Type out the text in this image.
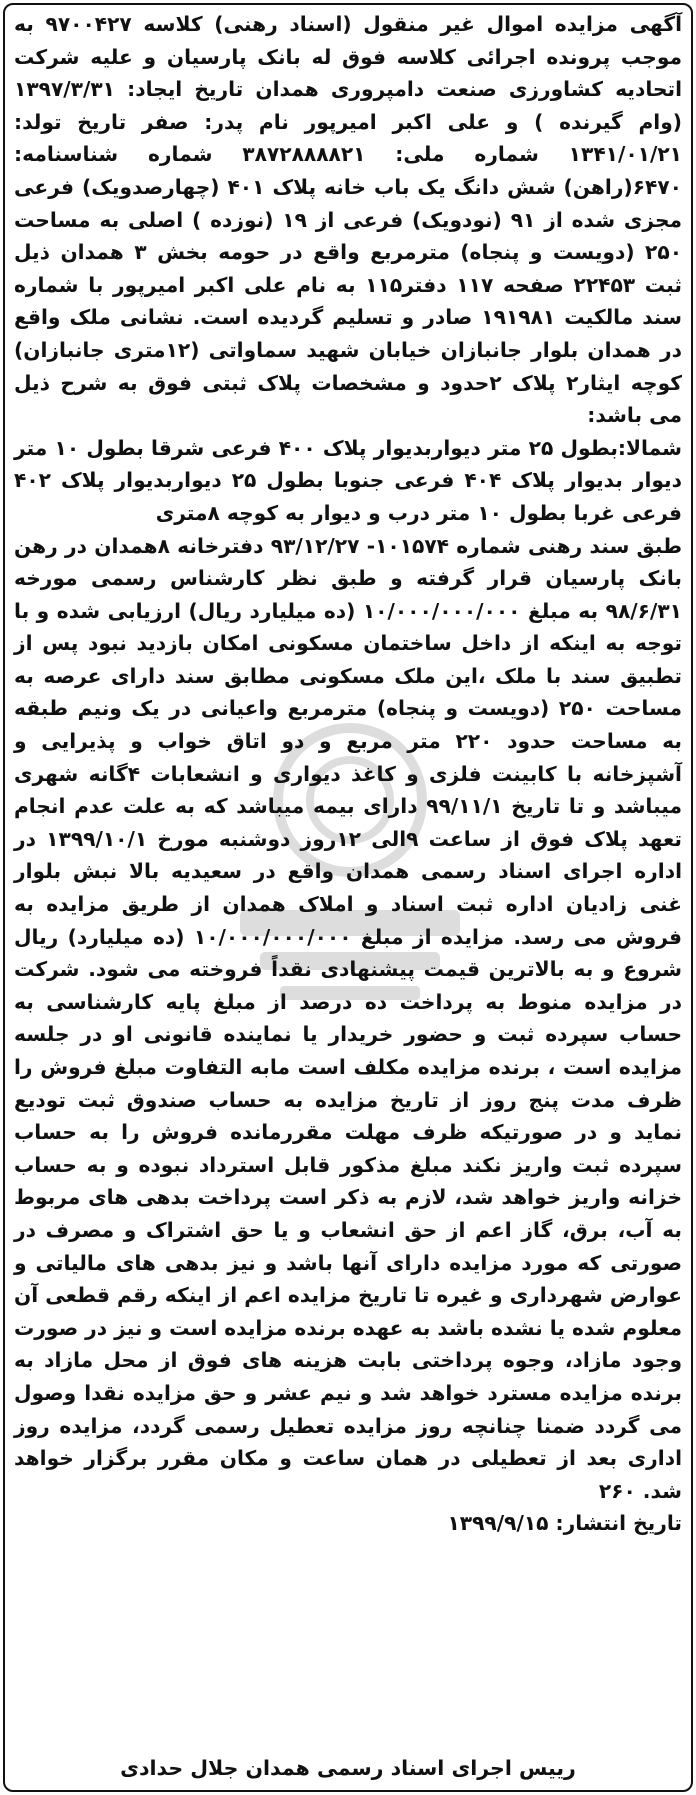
آگهی مزایده اموال غیر منقول (اسناد رهنی) کلاسه ۹۷۰۰۴۲۷ به موجب پرونده اجرائی کلاسه فوق له بانک پارسیان و علیه شرکت اتحادیه کشاورزی صنعت دامپروری همدان تاریخ ایجاد: ۱۳۹۷/۳/۳۱ (وام گیرنده ) و علی اکبر امیرپور نام پدر: صفر تاریخ تولد: ۱۳۴۱/۰۱/۲۱ شماره ملی: ۳۸۷۲۸۸۸۸۲۱ شماره شناسنامه: ۶۴۷۰(راهن) شش دانگ یک باب خانه پلاک ۴۰۱ (چهارصدویک) فرعی مجزی شده از ۹۱ (نودویک) فرعی از ۱۹ (نوزده ) اصلی به مساحت ۲۵۰ (دویست و پنجاه) مترمربع واقع در حومه بخش ۳ همدان ذیل ثبت ۲۲۴۵۳ صفحه ۱۱۷ دفتر۱۱۵ به نام علی اکبر امیرپور با شماره سند مالکیت ۱۹۱۹۸۱ صادر و تسلیم گردیده است. نشانی ملک واقع در همدان بلوار جانبازان خیابان شهید سماواتی (۱۲متری جانبازان) کوچه ایثار۲ پلاک ۲حدود و مشخصات پلاک ثبتی فوق به شرح ذیل می باشد:

شمالا:بطول ۲۵ متر دیواربدیوار پلاک ۴۰۰ فرعی شرقا بطول ۱۰ متر دیوار بدیوار پلاک ۴۰۴ فرعی جنوبا بطول ۲۵ دیواربدیوار پلاک ۴۰۲ فرعی غربا بطول ۱۰ متر درب و دیوار به کوچه ۸متری

طبق سند رهنی شماره ۱۰۱۵۷۴- ۹۳/۱۲/۲۷ دفترخانه ۸همدان در رهن بانک پارسیان قرار گرفته و طبق نظر کارشناس رسمی مورخه ۹۸/۶/۳۱ به مبلغ ۱۰/۰۰۰/۰۰۰/۰۰۰ (ده میلیارد ریال) ارزیابی شده و با توجه به اینکه از داخل ساختمان مسکونی امکان بازدید نبود پس از تطبیق سند با ملک ،این ملک مسکونی مطابق سند دارای عرصه به مساحت ۲۵۰ (دویست و پنجاه) مترمربع واعیانی در یک ونیم طبقه به مساحت حدود ۲۲۰ متر مربع و دو اتاق خواب و پذیرایی و آشپزخانه با کابینت فلزی و کاغذ دیواری و انشعابات ۴گانه شهری میباشد و تا تاریخ ۹۹/۱۱/۱ دارای بیمه میباشد که به علت عدم انجام تعهد پلاک فوق از ساعت ۹الی ۱۲روز دوشنبه مورخ ۱۳۹۹/۱۰/۱ در اداره اجرای اسناد رسمی همدان واقع در سعیدیه بالا نبش بلوار غنی زادیان اداره ثبت اسناد و املاک همدان از طریق مزایده به فروش می رسد. مزایده از مبلغ ۱۰/۰۰۰/۰۰۰/۰۰۰ (ده میلیارد) ریال شروع و به بالاترین قیمت پیشنهادی نقداً فروخته می شود. شرکت در مزایده منوط به پرداخت ده درصد از مبلغ پایه کارشناسی به حساب سپرده ثبت و حضور خریدار یا نماینده قانونی او در جلسه مزایده است ، برنده مزایده مکلف است مابه التفاوت مبلغ فروش را ظرف مدت پنج روز از تاریخ مزایده به حساب صندوق ثبت تودیع نماید و در صورتیکه ظرف مهلت مقررمانده فروش را به حساب سپرده ثبت واریز نکند مبلغ مذکور قابل استرداد نبوده و به حساب خزانه واریز خواهد شد، لازم به ذکر است پرداخت بدهی های مربوط به آب، برق، گاز اعم از حق انشعاب و یا حق اشتراک و مصرف در صورتی که مورد مزایده دارای آنها باشد و نیز بدهی های مالیاتی و عوارض شهرداری و غیره تا تاریخ مزایده اعم از اینکه رقم قطعی آن معلوم شده یا نشده باشد به عهده برنده مزایده است و نیز در صورت وجود مازاد، وجوه پرداختی بابت هزینه های فوق از محل مازاد به برنده مزایده مسترد خواهد شد و نیم عشر و حق مزایده نقدا وصول می گردد ضمنا چنانچه روز مزایده تعطیل رسمی گردد، مزایده روز اداری بعد از تعطیلی در همان ساعت و مکان مقرر برگزار خواهد شد. ۲۶۰

تاریخ انتشار: ۱۳۹۹/۹/۱۵

رییس اجرای اسناد رسمی همدان جلال حدادی
